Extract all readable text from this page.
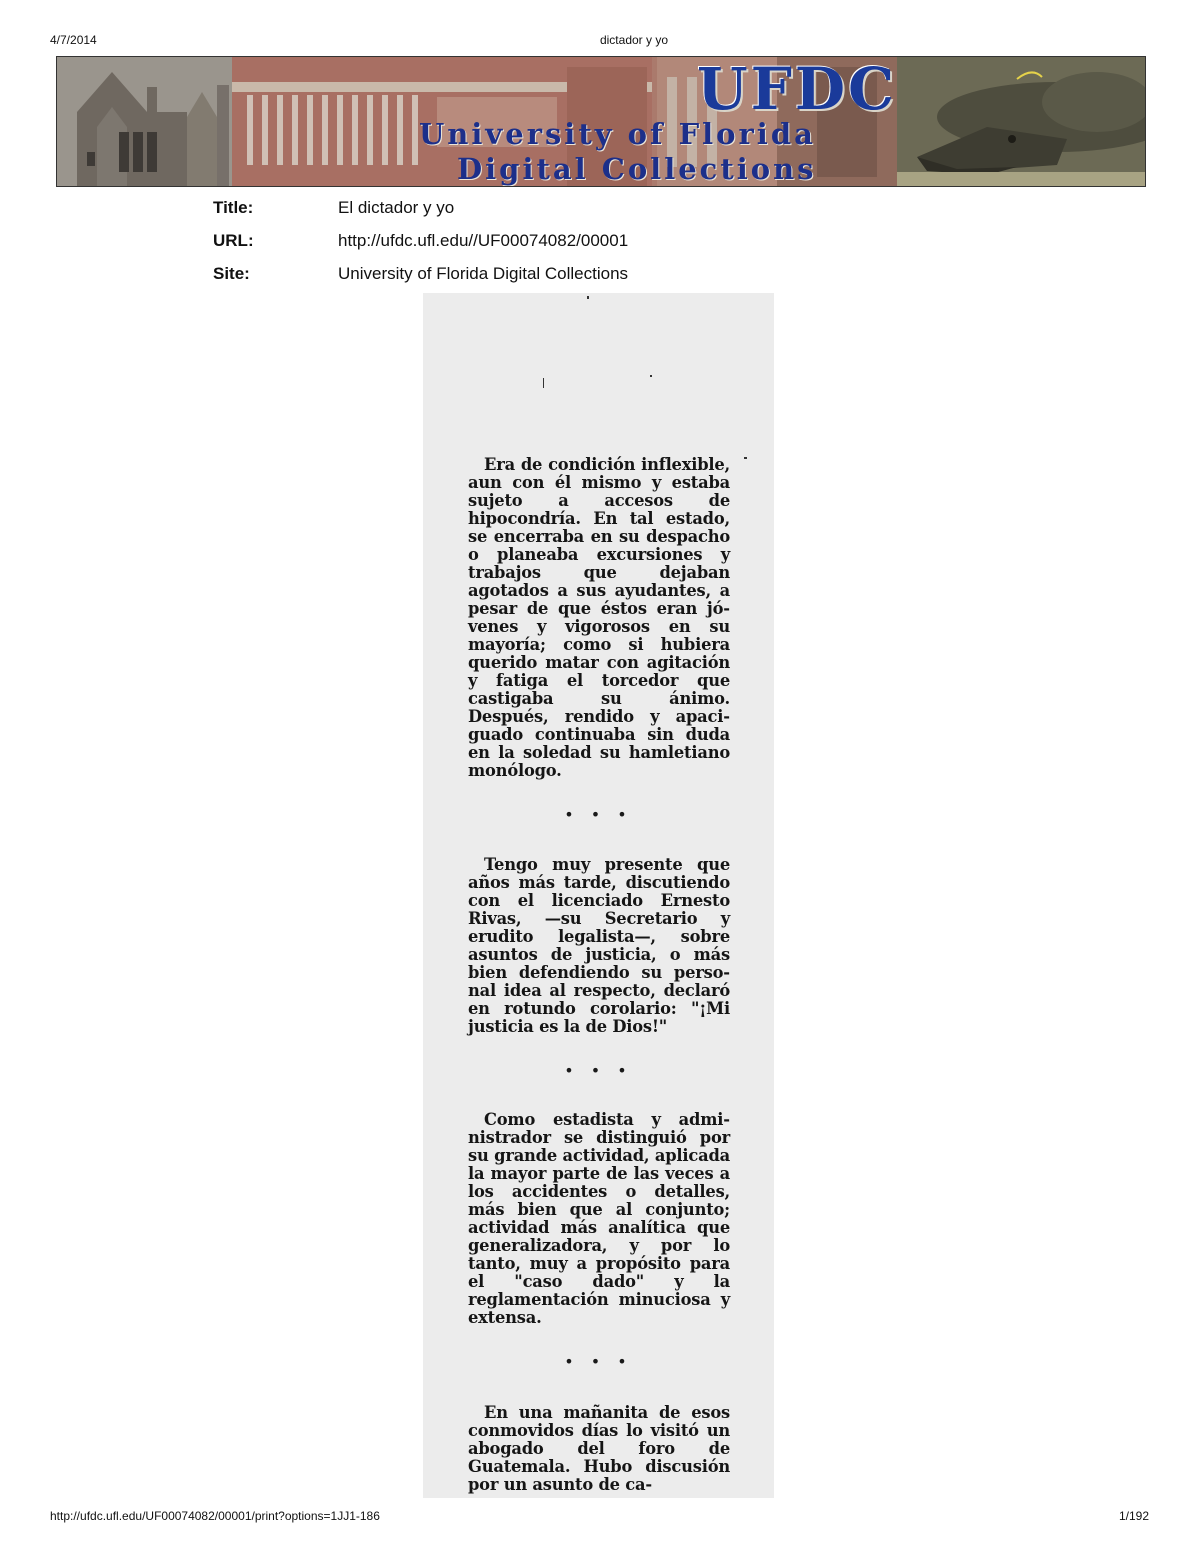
4/7/2014	dictador y yo
UFDC
University of Florida
Digital Collections
Title:	El dictador y yo
URL:	http://ufdc.ufl.edu//UF00074082/00001
Site:	University of Florida Digital Collections
Era de condición inflexible, aun con él mismo y estaba sujeto a accesos de hipocondría. En tal estado, se encerraba en su despacho o planeaba excursiones y trabajos que dejaban agotados a sus ayudantes, a pesar de que éstos eran jóvenes y vigorosos en su mayoría; como si hubiera querido matar con agitación y fatiga el torcedor que castigaba su ánimo. Después, rendido y apaciguado continuaba sin duda en la soledad su hamletiano monólogo.
• • •
Tengo muy presente que años más tarde, discutiendo con el licenciado Ernesto Rivas, —su Secretario y erudito legalista—, sobre asuntos de justicia, o más bien defendiendo su personal idea al respecto, declaró en rotundo corolario: "¡Mi justicia es la de Dios!"
• • •
Como estadista y administrador se distinguió por su grande actividad, aplicada la mayor parte de las veces a los accidentes o detalles, más bien que al conjunto; actividad más analítica que generalizadora, y por lo tanto, muy a propósito para el "caso dado" y la reglamentación minuciosa y extensa.
• • •
En una mañanita de esos conmovidos días lo visitó un abogado del foro de Guatemala. Hubo discusión por un asunto de ca-
http://ufdc.ufl.edu/UF00074082/00001/print?options=1JJ1-186	1/192
